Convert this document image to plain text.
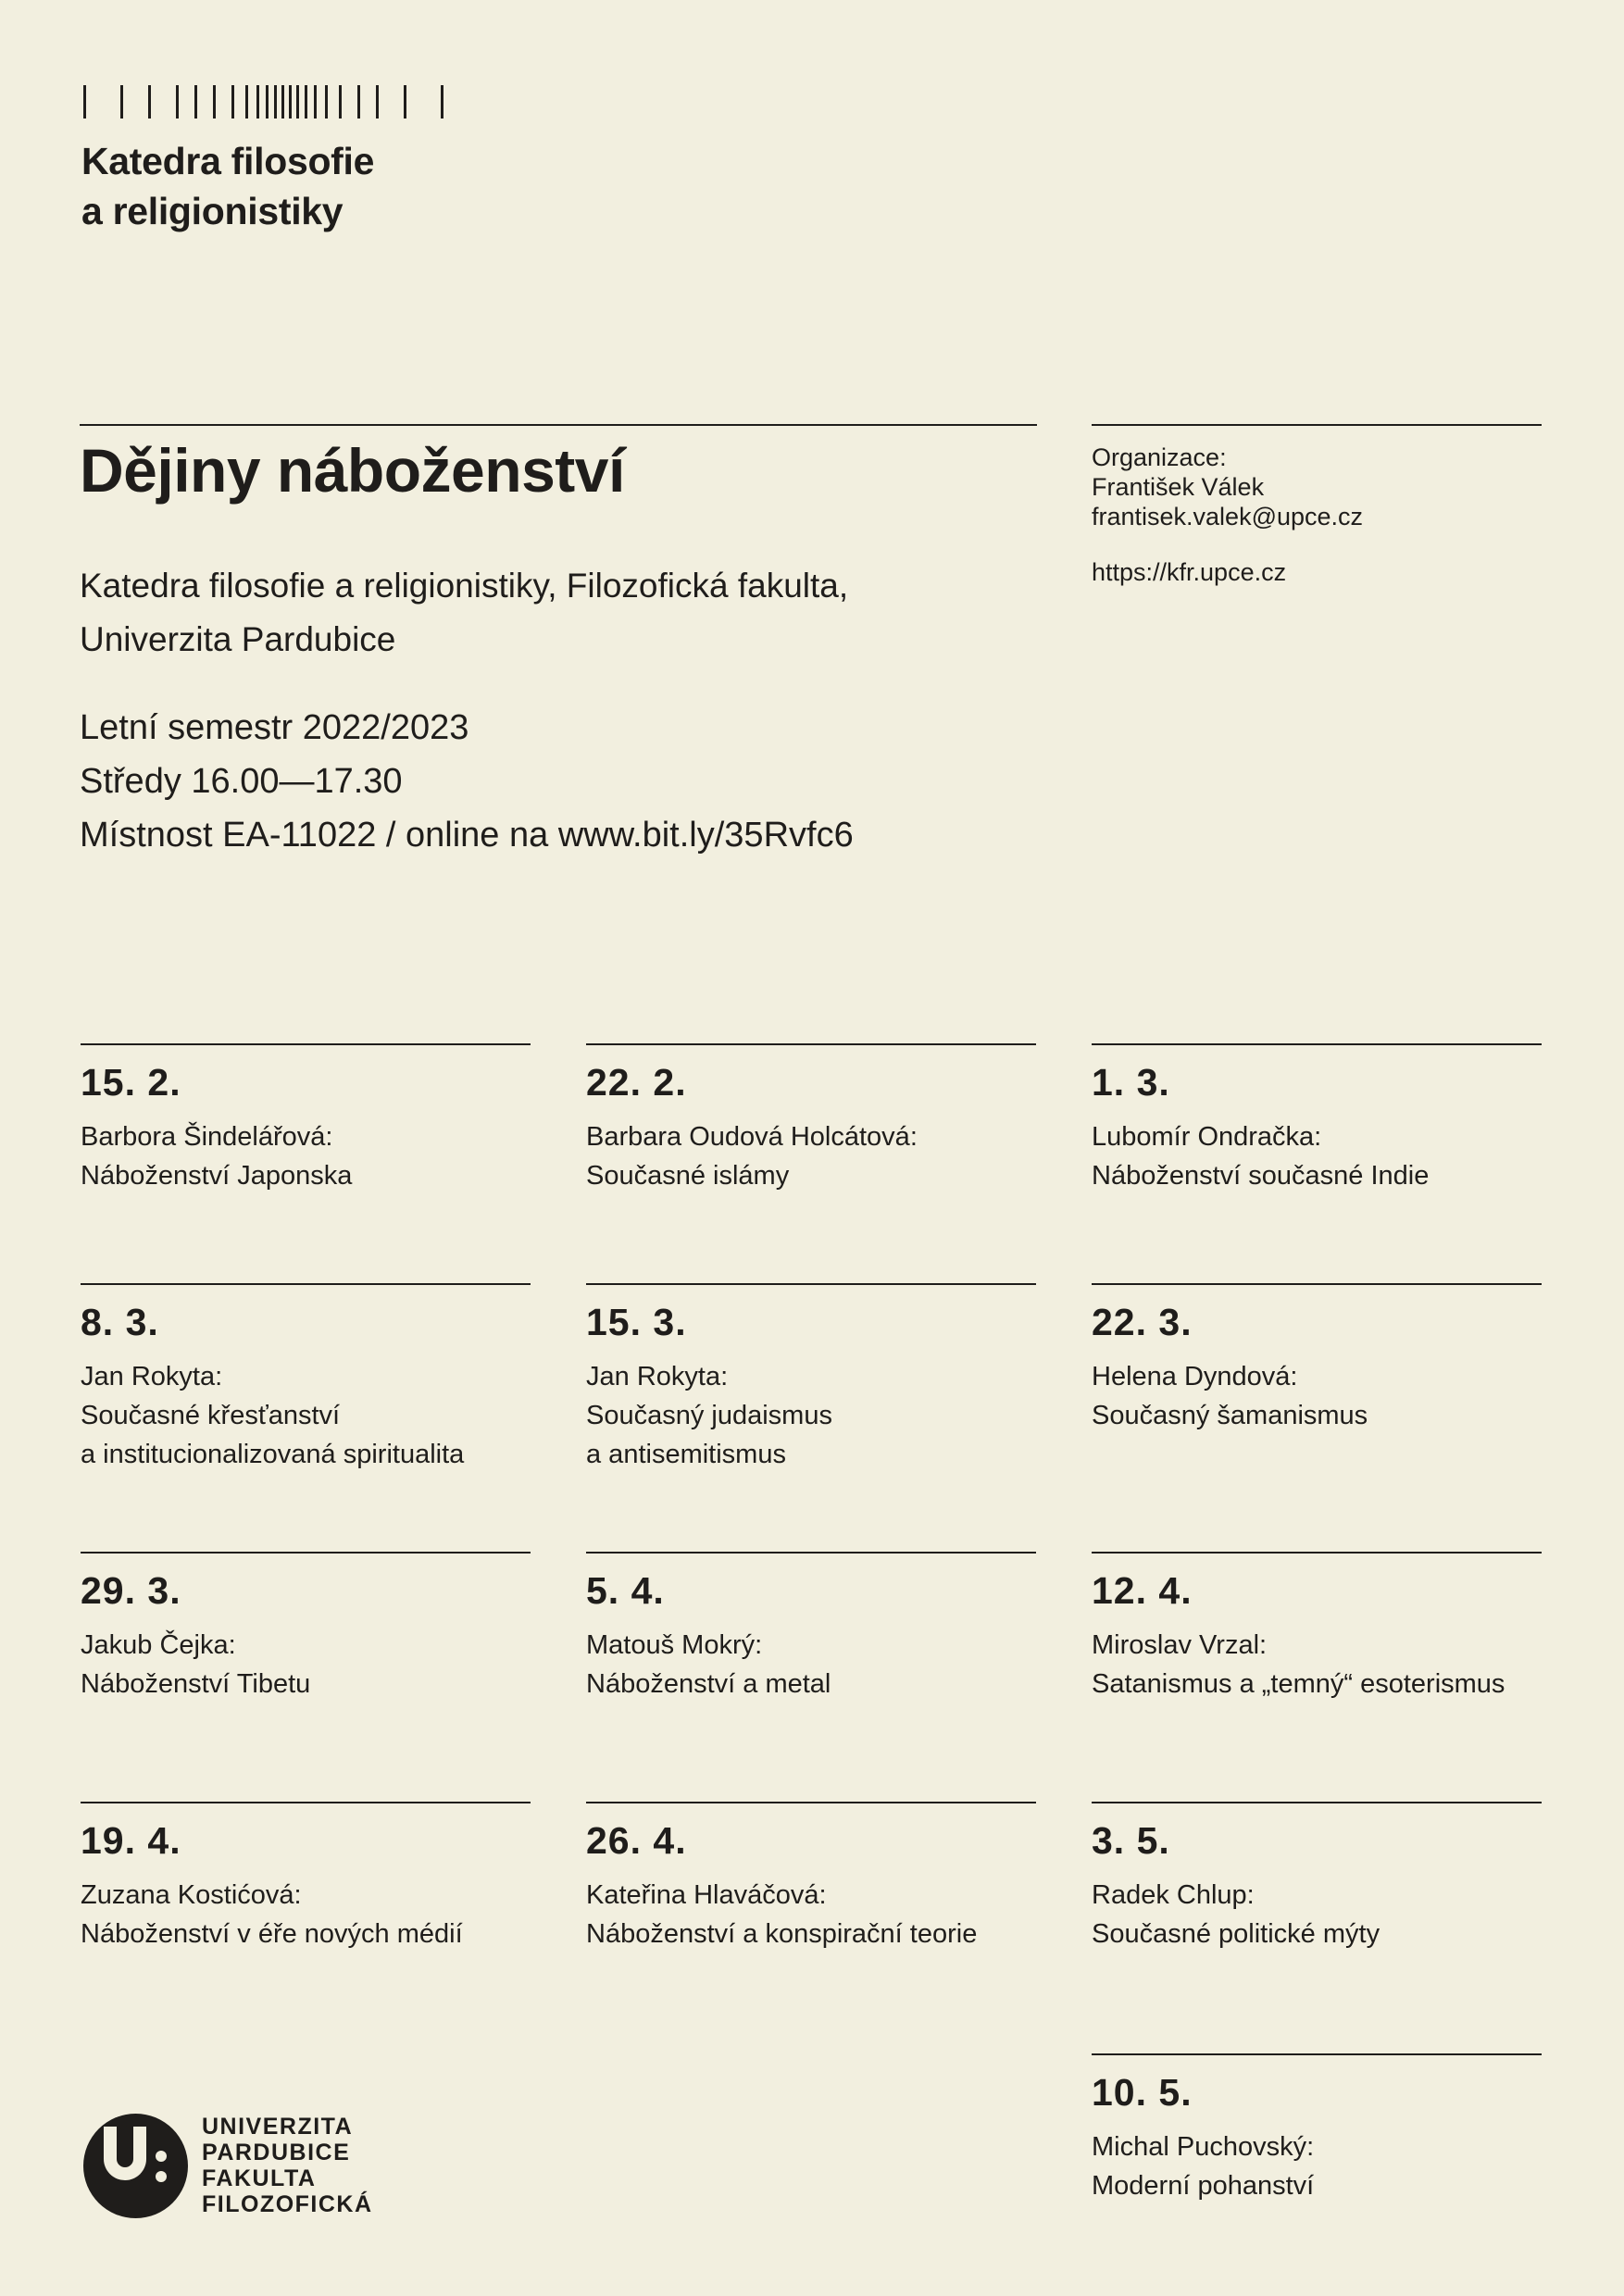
Katedra filosofie
a religionistiky
Dějiny náboženství
Katedra filosofie a religionistiky, Filozofická fakulta,
Univerzita Pardubice
Letní semestr 2022/2023
Středy 16.00—17.30
Místnost EA-11022 / online na www.bit.ly/35Rvfc6
Organizace:
František Válek
frantisek.valek@upce.cz
https://kfr.upce.cz
15. 2.
Barbora Šindelářová:
Náboženství Japonska
22. 2.
Barbara Oudová Holcátová:
Současné islámy
1. 3.
Lubomír Ondračka:
Náboženství současné Indie
8. 3.
Jan Rokyta:
Současné křesťanství
a institucionalizovaná spiritualita
15. 3.
Jan Rokyta:
Současný judaismus
a antisemitismus
22. 3.
Helena Dyndová:
Současný šamanismus
29. 3.
Jakub Čejka:
Náboženství Tibetu
5. 4.
Matouš Mokrý:
Náboženství a metal
12. 4.
Miroslav Vrzal:
Satanismus a „temný“ esoterismus
19. 4.
Zuzana Kostićová:
Náboženství v éře nových médií
26. 4.
Kateřina Hlaváčová:
Náboženství a konspirační teorie
3. 5.
Radek Chlup:
Současné politické mýty
10. 5.
Michal Puchovský:
Moderní pohanství
UNIVERZITA
PARDUBICE
FAKULTA
FILOZOFICKÁ
